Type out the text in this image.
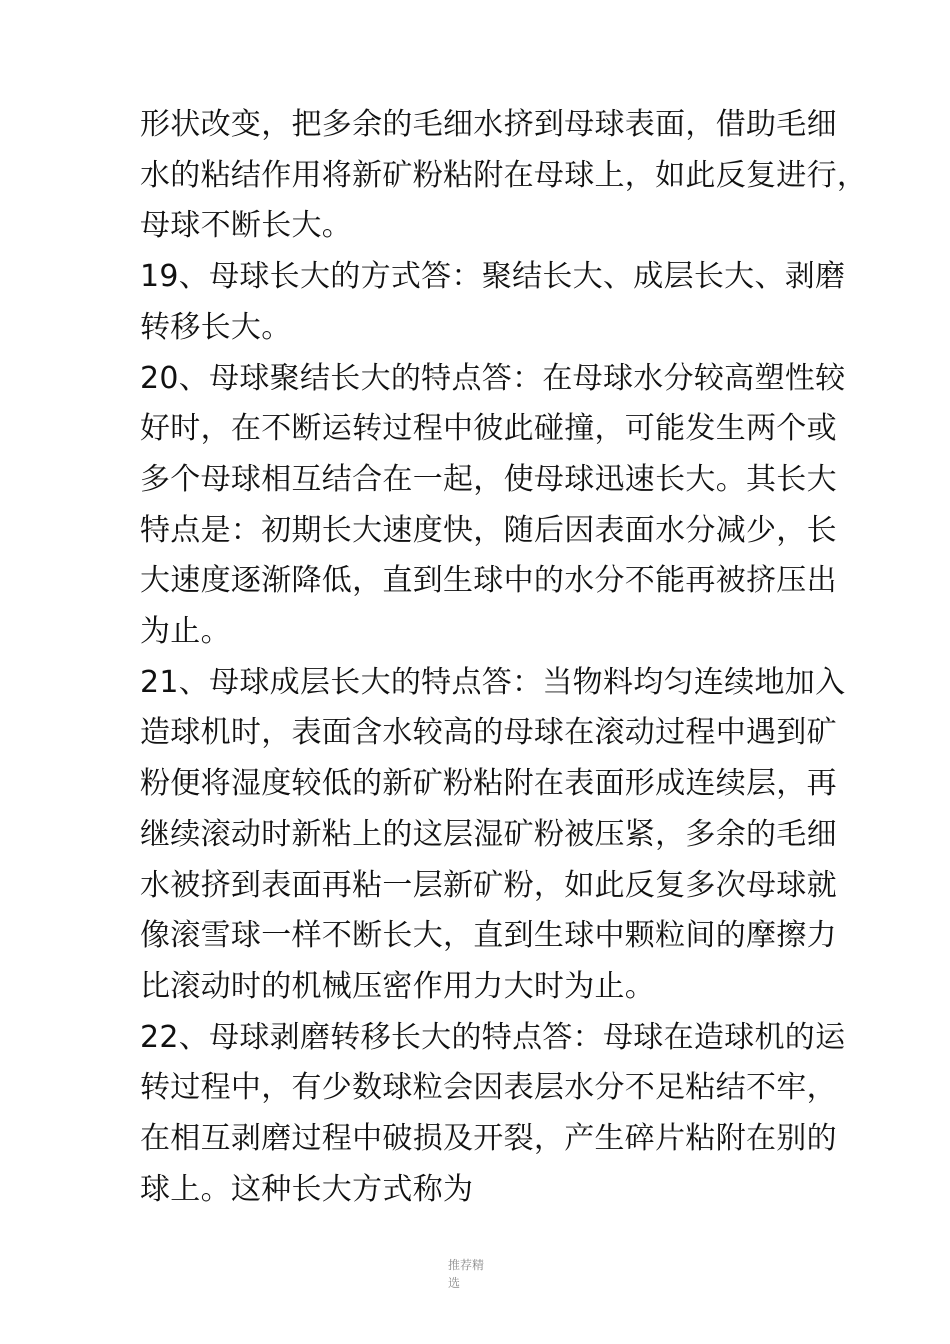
形状改变，把多余的毛细水挤到母球表面，借助毛细
水的粘结作用将新矿粉粘附在母球上，如此反复进行，
母球不断长大。
19、母球长大的方式答：聚结长大、成层长大、剥磨
转移长大。
20、母球聚结长大的特点答：在母球水分较高塑性较
好时，在不断运转过程中彼此碰撞，可能发生两个或
多个母球相互结合在一起，使母球迅速长大。其长大
特点是：初期长大速度快，随后因表面水分减少，长
大速度逐渐降低，直到生球中的水分不能再被挤压出
为止。
21、母球成层长大的特点答：当物料均匀连续地加入
造球机时，表面含水较高的母球在滚动过程中遇到矿
粉便将湿度较低的新矿粉粘附在表面形成连续层，再
继续滚动时新粘上的这层湿矿粉被压紧，多余的毛细
水被挤到表面再粘一层新矿粉，如此反复多次母球就
像滚雪球一样不断长大，直到生球中颗粒间的摩擦力
比滚动时的机械压密作用力大时为止。
22、母球剥磨转移长大的特点答：母球在造球机的运
转过程中，有少数球粒会因表层水分不足粘结不牢，
在相互剥磨过程中破损及开裂，产生碎片粘附在别的
球上。这种长大方式称为
推荐精
选
